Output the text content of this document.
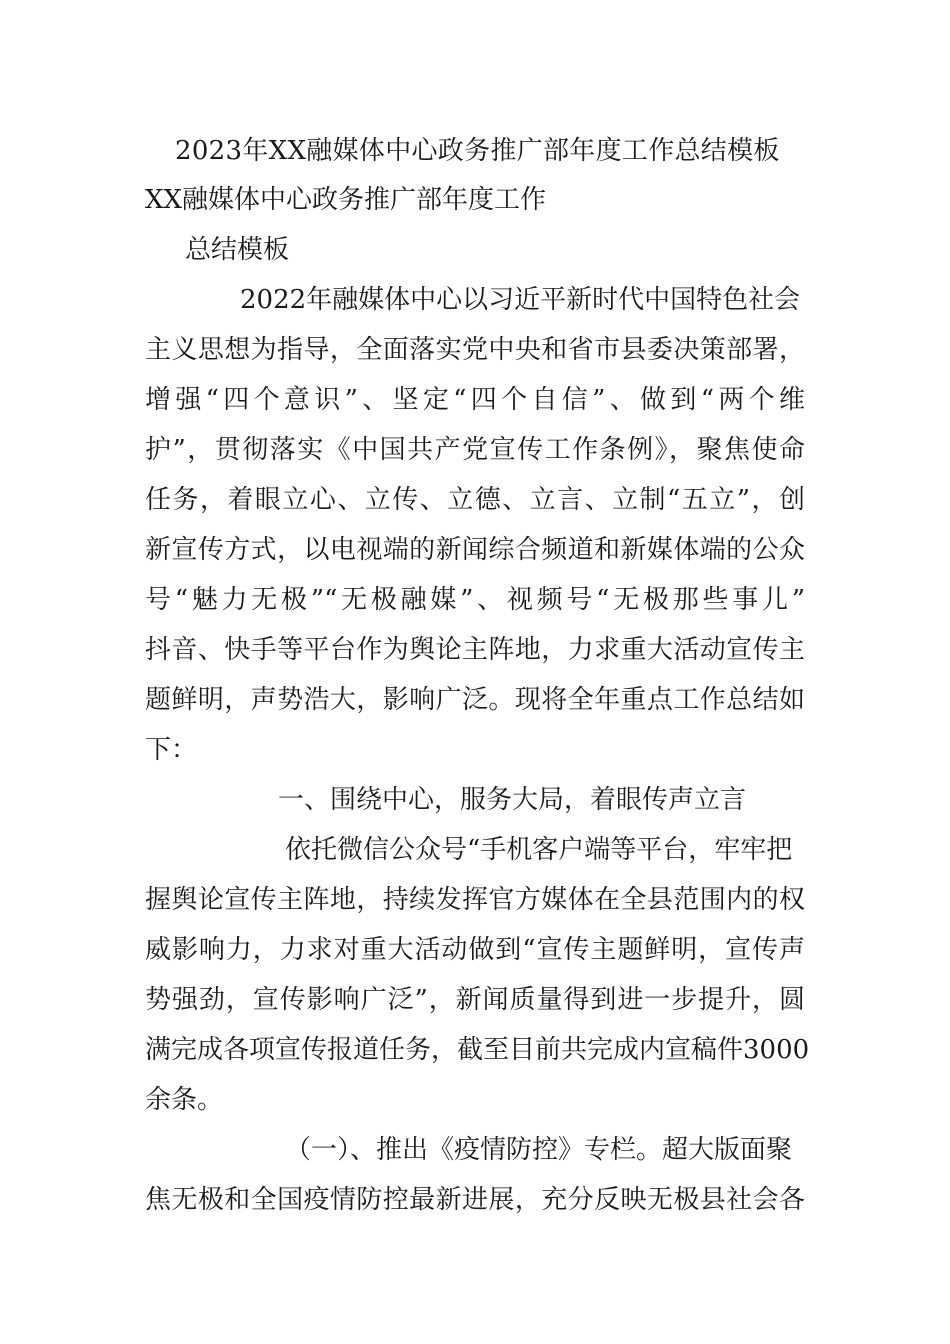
2023年XX融媒体中心政务推广部年度工作总结模板
XX融媒体中心政务推广部年度工作
总结模板
2022年融媒体中心以习近平新时代中国特色社会
主义思想为指导，全面落实党中央和省市县委决策部署，
增强“四个意识”、坚定“四个自信”、做到“两个维
护”，贯彻落实《中国共产党宣传工作条例》，聚焦使命
任务，着眼立心、立传、立德、立言、立制“五立”，创
新宣传方式，以电视端的新闻综合频道和新媒体端的公众
号“魅力无极”“无极融媒”、视频号“无极那些事儿”
抖音、快手等平台作为舆论主阵地，力求重大活动宣传主
题鲜明，声势浩大，影响广泛。现将全年重点工作总结如
下：
一、围绕中心，服务大局，着眼传声立言
依托微信公众号“手机客户端等平台，牢牢把
握舆论宣传主阵地，持续发挥官方媒体在全县范围内的权
威影响力，力求对重大活动做到“宣传主题鲜明，宣传声
势强劲，宣传影响广泛”，新闻质量得到进一步提升，圆
满完成各项宣传报道任务，截至目前共完成内宣稿件3000
余条。
（一）、推出《疫情防控》专栏。超大版面聚
焦无极和全国疫情防控最新进展，充分反映无极县社会各
